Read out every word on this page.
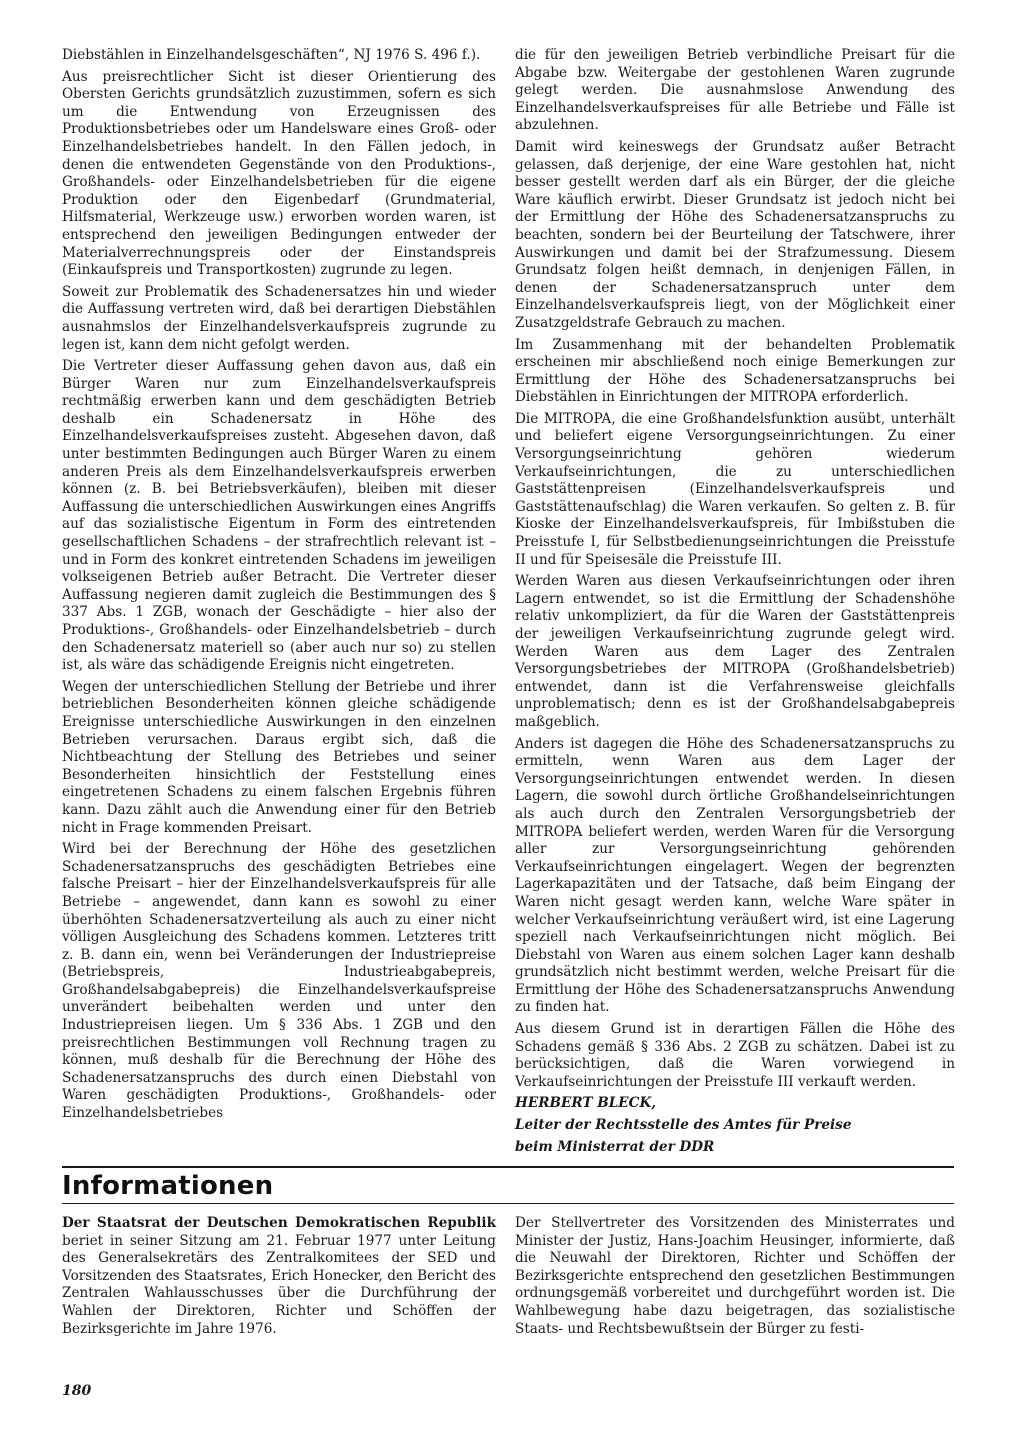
Diebstählen in Einzelhandelsgeschäften“, NJ 1976 S. 496 f.).

Aus preisrechtlicher Sicht ist dieser Orientierung des Obersten Gerichts grundsätzlich zuzustimmen, sofern es sich um die Entwendung von Erzeugnissen des Produktionsbetriebes oder um Handelsware eines Groß- oder Einzelhandelsbetriebes handelt. In den Fällen jedoch, in denen die entwendeten Gegenstände von den Produktions-, Großhandels- oder Einzelhandelsbetrieben für die eigene Produktion oder den Eigenbedarf (Grundmaterial, Hilfsmaterial, Werkzeuge usw.) erworben worden waren, ist entsprechend den jeweiligen Bedingungen entweder der Materialverrechnungspreis oder der Einstandspreis (Einkaufspreis und Transportkosten) zugrunde zu legen.

Soweit zur Problematik des Schadenersatzes hin und wieder die Auffassung vertreten wird, daß bei derartigen Diebstählen ausnahmslos der Einzelhandelsverkaufspreis zugrunde zu legen ist, kann dem nicht gefolgt werden.

Die Vertreter dieser Auffassung gehen davon aus, daß ein Bürger Waren nur zum Einzelhandelsverkaufspreis rechtmäßig erwerben kann und dem geschädigten Betrieb deshalb ein Schadenersatz in Höhe des Einzelhandelsverkaufspreises zusteht. Abgesehen davon, daß unter bestimmten Bedingungen auch Bürger Waren zu einem anderen Preis als dem Einzelhandelsverkaufspreis erwerben können (z. B. bei Betriebsverkäufen), bleiben mit dieser Auffassung die unterschiedlichen Auswirkungen eines Angriffs auf das sozialistische Eigentum in Form des eintretenden gesellschaftlichen Schadens – der strafrechtlich relevant ist – und in Form des konkret eintretenden Schadens im jeweiligen volkseigenen Betrieb außer Betracht. Die Vertreter dieser Auffassung negieren damit zugleich die Bestimmungen des § 337 Abs. 1 ZGB, wonach der Geschädigte – hier also der Produktions-, Großhandels- oder Einzelhandelsbetrieb – durch den Schadenersatz materiell so (aber auch nur so) zu stellen ist, als wäre das schädigende Ereignis nicht eingetreten.

Wegen der unterschiedlichen Stellung der Betriebe und ihrer betrieblichen Besonderheiten können gleiche schädigende Ereignisse unterschiedliche Auswirkungen in den einzelnen Betrieben verursachen. Daraus ergibt sich, daß die Nichtbeachtung der Stellung des Betriebes und seiner Besonderheiten hinsichtlich der Feststellung eines eingetretenen Schadens zu einem falschen Ergebnis führen kann. Dazu zählt auch die Anwendung einer für den Betrieb nicht in Frage kommenden Preisart.

Wird bei der Berechnung der Höhe des gesetzlichen Schadenersatzanspruchs des geschädigten Betriebes eine falsche Preisart – hier der Einzelhandelsverkaufspreis für alle Betriebe – angewendet, dann kann es sowohl zu einer überhöhten Schadenersatzverteilung als auch zu einer nicht völligen Ausgleichung des Schadens kommen. Letzteres tritt z. B. dann ein, wenn bei Veränderungen der Industriepreise (Betriebspreis, Industrieabgabepreis, Großhandelsabgabepreis) die Einzelhandelsverkaufspreise unverändert beibehalten werden und unter den Industriepreisen liegen. Um § 336 Abs. 1 ZGB und den preisrechtlichen Bestimmungen voll Rechnung tragen zu können, muß deshalb für die Berechnung der Höhe des Schadenersatzanspruchs des durch einen Diebstahl von Waren geschädigten Produktions-, Großhandels- oder Einzelhandelsbetriebes

die für den jeweiligen Betrieb verbindliche Preisart für die Abgabe bzw. Weitergabe der gestohlenen Waren zugrunde gelegt werden. Die ausnahmslose Anwendung des Einzelhandelsverkaufspreises für alle Betriebe und Fälle ist abzulehnen.

Damit wird keineswegs der Grundsatz außer Betracht gelassen, daß derjenige, der eine Ware gestohlen hat, nicht besser gestellt werden darf als ein Bürger, der die gleiche Ware käuflich erwirbt. Dieser Grundsatz ist jedoch nicht bei der Ermittlung der Höhe des Schadenersatzanspruchs zu beachten, sondern bei der Beurteilung der Tatschwere, ihrer Auswirkungen und damit bei der Strafzumessung. Diesem Grundsatz folgen heißt demnach, in denjenigen Fällen, in denen der Schadenersatzanspruch unter dem Einzelhandelsverkaufspreis liegt, von der Möglichkeit einer Zusatzgeldstrafe Gebrauch zu machen.

Im Zusammenhang mit der behandelten Problematik erscheinen mir abschließend noch einige Bemerkungen zur Ermittlung der Höhe des Schadenersatzanspruchs bei Diebstählen in Einrichtungen der MITROPA erforderlich.

Die MITROPA, die eine Großhandelsfunktion ausübt, unterhält und beliefert eigene Versorgungseinrichtungen. Zu einer Versorgungseinrichtung gehören wiederum Verkaufseinrichtungen, die zu unterschiedlichen Gaststättenpreisen (Einzelhandelsverkaufspreis und Gaststättenaufschlag) die Waren verkaufen. So gelten z. B. für Kioske der Einzelhandelsverkaufspreis, für Imbißstuben die Preisstufe I, für Selbstbedienungseinrichtungen die Preisstufe II und für Speisesäle die Preisstufe III.

Werden Waren aus diesen Verkaufseinrichtungen oder ihren Lagern entwendet, so ist die Ermittlung der Schadenshöhe relativ unkompliziert, da für die Waren der Gaststättenpreis der jeweiligen Verkaufseinrichtung zugrunde gelegt wird. Werden Waren aus dem Lager des Zentralen Versorgungsbetriebes der MITROPA (Großhandelsbetrieb) entwendet, dann ist die Verfahrensweise gleichfalls unproblematisch; denn es ist der Großhandelsabgabepreis maßgeblich.

Anders ist dagegen die Höhe des Schadenersatzanspruchs zu ermitteln, wenn Waren aus dem Lager der Versorgungseinrichtungen entwendet werden. In diesen Lagern, die sowohl durch örtliche Großhandelseinrichtungen als auch durch den Zentralen Versorgungsbetrieb der MITROPA beliefert werden, werden Waren für die Versorgung aller zur Versorgungseinrichtung gehörenden Verkaufseinrichtungen eingelagert. Wegen der begrenzten Lagerkapazitäten und der Tatsache, daß beim Eingang der Waren nicht gesagt werden kann, welche Ware später in welcher Verkaufseinrichtung veräußert wird, ist eine Lagerung speziell nach Verkaufseinrichtungen nicht möglich. Bei Diebstahl von Waren aus einem solchen Lager kann deshalb grundsätzlich nicht bestimmt werden, welche Preisart für die Ermittlung der Höhe des Schadenersatzanspruchs Anwendung zu finden hat.

Aus diesem Grund ist in derartigen Fällen die Höhe des Schadens gemäß § 336 Abs. 2 ZGB zu schätzen. Dabei ist zu berücksichtigen, daß die Waren vorwiegend in Verkaufseinrichtungen der Preisstufe III verkauft werden.

HERBERT BLECK,

Leiter der Rechtsstelle des Amtes für Preise

beim Ministerrat der DDR

Informationen

Der Staatsrat der Deutschen Demokratischen Republik beriet in seiner Sitzung am 21. Februar 1977 unter Leitung des Generalsekretärs des Zentralkomitees der SED und Vorsitzenden des Staatsrates, Erich Honecker, den Bericht des Zentralen Wahlausschusses über die Durchführung der Wahlen der Direktoren, Richter und Schöffen der Bezirksgerichte im Jahre 1976.

Der Stellvertreter des Vorsitzenden des Ministerrates und Minister der Justiz, Hans-Joachim Heusinger, informierte, daß die Neuwahl der Direktoren, Richter und Schöffen der Bezirksgerichte entsprechend den gesetzlichen Bestimmungen ordnungsgemäß vorbereitet und durchgeführt worden ist. Die Wahlbewegung habe dazu beigetragen, das sozialistische Staats- und Rechtsbewußtsein der Bürger zu festi-

180
